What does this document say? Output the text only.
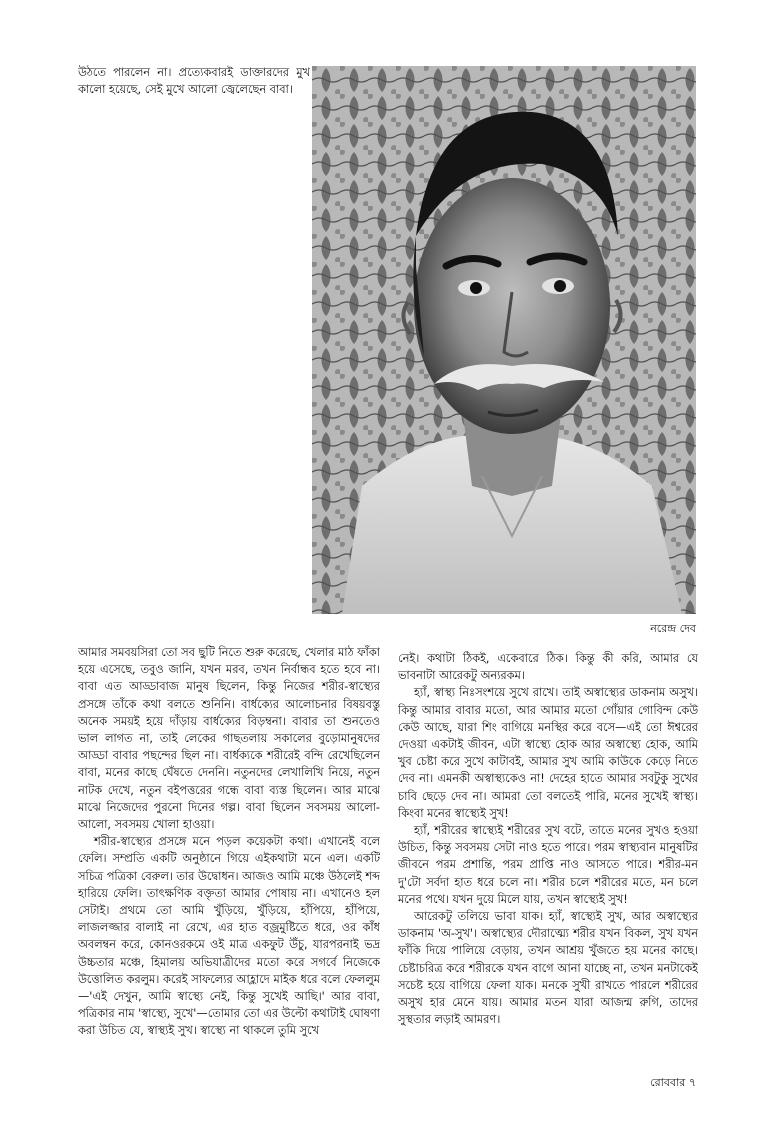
উঠতে পারলেন না। প্রত্যেকবারই ডাক্তারদের মুখ কালো হয়েছে, সেই মুখে আলো জ্বেলেছেন বাবা।

নরেন্দ্র দেব

আমার সমবয়সিরা তো সব ছুটি নিতে শুরু করেছে, খেলার মাঠ ফাঁকা হয়ে এসেছে, তবুও জানি, যখন মরব, তখন নির্বান্ধব হতে হবে না। বাবা এত আড্ডাবাজ মানুষ ছিলেন, কিন্তু নিজের শরীর-স্বাস্থ্যের প্রসঙ্গে তাঁকে কথা বলতে শুনিনি। বার্ধক্যের আলোচনার বিষয়বস্তু অনেক সময়ই হয়ে দাঁড়ায় বার্ধক্যের বিড়ম্বনা। বাবার তা শুনতেও ভাল লাগত না, তাই লেকের গাছতলায় সকালের বুড়োমানুষদের আড্ডা বাবার পছন্দের ছিল না। বার্ধক্যকে শরীরেই বন্দি রেখেছিলেন বাবা, মনের কাছে ঘেঁষতে দেননি। নতুনদের লেখালিখি নিয়ে, নতুন নাটক দেখে, নতুন বইপত্তরের গন্ধে বাবা ব্যস্ত ছিলেন। আর মাঝে মাঝে নিজেদের পুরনো দিনের গল্প। বাবা ছিলেন সবসময় আলো-আলো, সবসময় খোলা হাওয়া।

শরীর-স্বাস্থ্যের প্রসঙ্গে মনে পড়ল কয়েকটা কথা। এখানেই বলে ফেলি। সম্প্রতি একটি অনুষ্ঠানে গিয়ে এইকথাটা মনে এল। একটি সচিত্র পত্রিকা বেরুল। তার উদ্বোধন। আজও আমি মঞ্চে উঠলেই শব্দ হারিয়ে ফেলি। তাৎক্ষণিক বক্তৃতা আমার পোষায় না। এখানেও হল সেটাই। প্রথমে তো আমি খুঁড়িয়ে, খুঁড়িয়ে, হাঁপিয়ে, হাঁপিয়ে, লাজলজ্জার বালাই না রেখে, এর হাত বজ্রমুষ্টিতে ধরে, ওর কাঁধ অবলম্বন করে, কোনওরকমে ওই মাত্র একফুট উঁচু, যারপরনাই ভদ্র উচ্চতার মঞ্চে, হিমালয় অভিযাত্রীদের মতো করে সগর্বে নিজেকে উত্তোলিত করলুম। করেই সাফল্যের আহ্লাদে মাইক ধরে বলে ফেললুম—'এই দেখুন, আমি স্বাস্থ্যে নেই, কিন্তু সুখেই আছি।' আর বাবা, পত্রিকার নাম 'স্বাস্থ্যে, সুখে'—তোমার তো এর উল্টো কথাটাই ঘোষণা করা উচিত যে, স্বাস্থ্যই সুখ। স্বাস্থ্যে না থাকলে তুমি সুখে

নেই। কথাটা ঠিকই, একেবারে ঠিক। কিন্তু কী করি, আমার যে ভাবনাটা আরেকটু অন্যরকম।

হ্যাঁ, স্বাস্থ্য নিঃসংশয়ে সুখে রাখে। তাই অস্বাস্থ্যের ডাকনাম অসুখ। কিন্তু আমার বাবার মতো, আর আমার মতো গোঁয়ার গোবিন্দ কেউ কেউ আছে, যারা শিং বাগিয়ে মনস্থির করে বসে—এই তো ঈশ্বরের দেওয়া একটাই জীবন, এটা স্বাস্থ্যে হোক আর অস্বাস্থ্যে হোক, আমি খুব চেষ্টা করে সুখে কাটাবই, আমার সুখ আমি কাউকে কেড়ে নিতে দেব না। এমনকী অস্বাস্থ্যকেও না! দেহের হাতে আমার সবটুকু সুখের চাবি ছেড়ে দেব না। আমরা তো বলতেই পারি, মনের সুখেই স্বাস্থ্য। কিংবা মনের স্বাস্থ্যেই সুখ!

হ্যাঁ, শরীরের স্বাস্থ্যেই শরীরের সুখ বটে, তাতে মনের সুখও হওয়া উচিত, কিন্তু সবসময় সেটা নাও হতে পারে। পরম স্বাস্থ্যবান মানুষটির জীবনে পরম প্রশান্তি, পরম প্রাপ্তি নাও আসতে পারে। শরীর-মন দু'টো সর্বদা হাত ধরে চলে না। শরীর চলে শরীরের মতে, মন চলে মনের পথে। যখন দুয়ে মিলে যায়, তখন স্বাস্থ্যেই সুখ!

আরেকটু তলিয়ে ভাবা যাক। হ্যাঁ, স্বাস্থ্যেই সুখ, আর অস্বাস্থ্যের ডাকনাম 'অ-সুখ'। অস্বাস্থ্যের দৌরাত্ম্যে শরীর যখন বিকল, সুখ যখন ফাঁকি দিয়ে পালিয়ে বেড়ায়, তখন আশ্রয় খুঁজতে হয় মনের কাছে। চেষ্টাচরিত্র করে শরীরকে যখন বাগে আনা যাচ্ছে না, তখন মনটাকেই সচেষ্ট হয়ে বাগিয়ে ফেলা যাক। মনকে সুখী রাখতে পারলে শরীরের অসুখ হার মেনে যায়। আমার মতন যারা আজন্ম রুগি, তাদের সুস্থতার লড়াই আমরণ।

রোববার ৭
